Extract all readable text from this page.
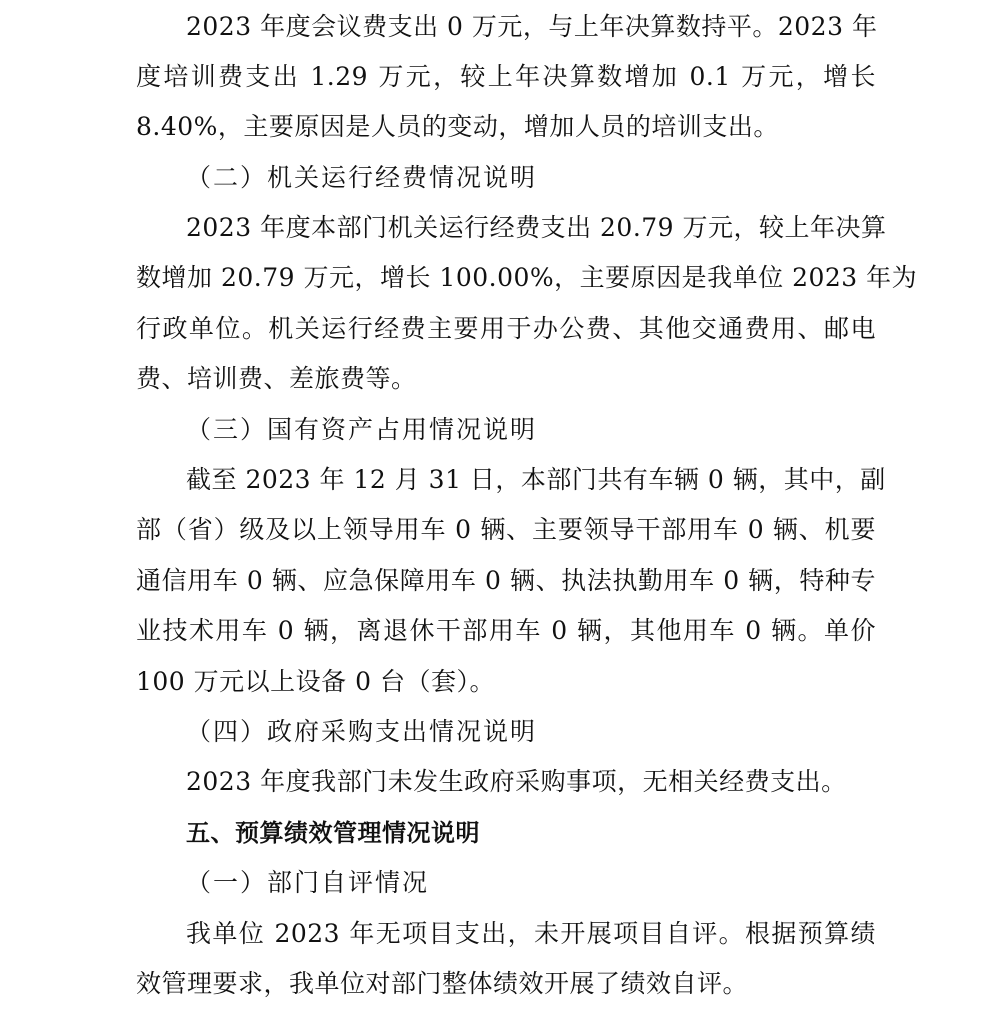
2023 年度会议费支出 0 万元，与上年决算数持平。2023 年
度培训费支出 1.29 万元，较上年决算数增加 0.1 万元，增长
8.40%，主要原因是人员的变动，增加人员的培训支出。
（二）机关运行经费情况说明
2023 年度本部门机关运行经费支出 20.79 万元，较上年决算
数增加 20.79 万元，增长 100.00%，主要原因是我单位 2023 年为
行政单位。机关运行经费主要用于办公费、其他交通费用、邮电
费、培训费、差旅费等。
（三）国有资产占用情况说明
截至 2023 年 12 月 31 日，本部门共有车辆 0 辆，其中，副
部（省）级及以上领导用车 0 辆、主要领导干部用车 0 辆、机要
通信用车 0 辆、应急保障用车 0 辆、执法执勤用车 0 辆，特种专
业技术用车 0 辆，离退休干部用车 0 辆，其他用车 0 辆。单价
100 万元以上设备 0 台（套）。
（四）政府采购支出情况说明
2023 年度我部门未发生政府采购事项，无相关经费支出。
五、预算绩效管理情况说明
（一）部门自评情况
我单位 2023 年无项目支出，未开展项目自评。根据预算绩
效管理要求，我单位对部门整体绩效开展了绩效自评。
